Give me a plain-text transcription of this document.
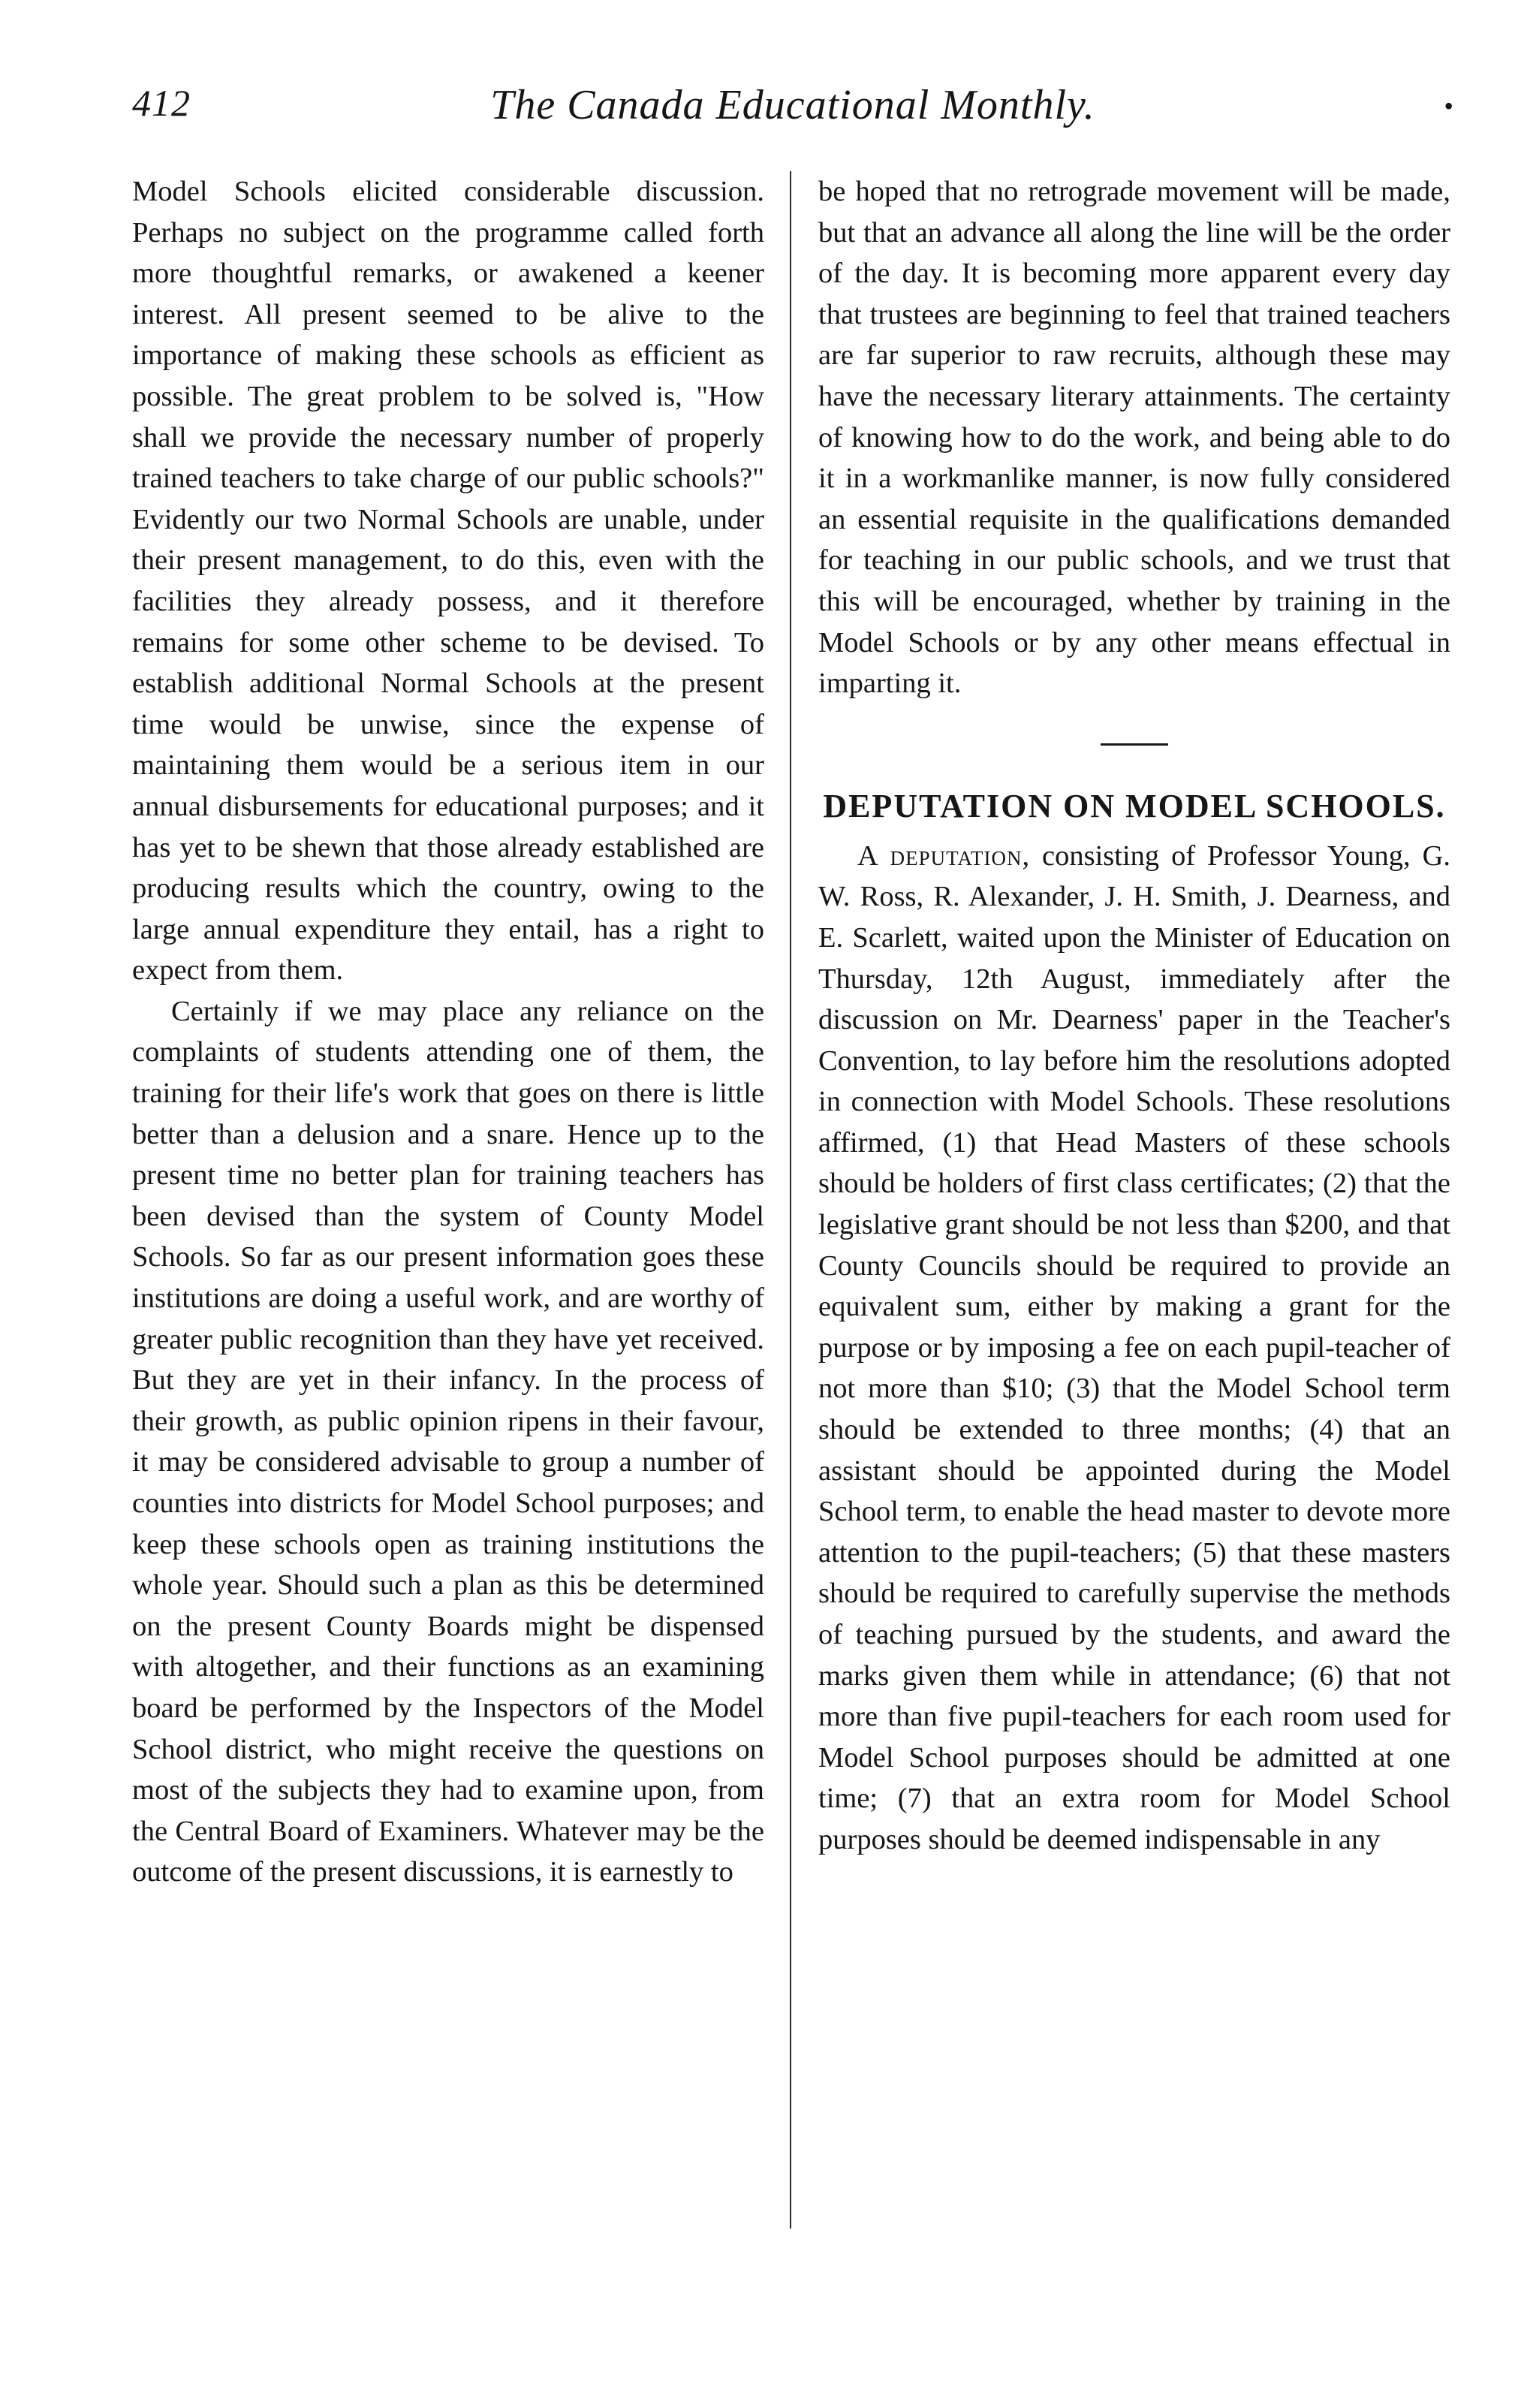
412	The Canada Educational Monthly.	•

Model Schools elicited considerable discussion. Perhaps no subject on the programme called forth more thoughtful remarks, or awakened a keener interest. All present seemed to be alive to the importance of making these schools as efficient as possible. The great problem to be solved is, "How shall we provide the necessary number of properly trained teachers to take charge of our public schools?" Evidently our two Normal Schools are unable, under their present management, to do this, even with the facilities they already possess, and it therefore remains for some other scheme to be devised. To establish additional Normal Schools at the present time would be unwise, since the expense of maintaining them would be a serious item in our annual disbursements for educational purposes; and it has yet to be shewn that those already established are producing results which the country, owing to the large annual expenditure they entail, has a right to expect from them.

Certainly if we may place any reliance on the complaints of students attending one of them, the training for their life's work that goes on there is little better than a delusion and a snare. Hence up to the present time no better plan for training teachers has been devised than the system of County Model Schools. So far as our present information goes these institutions are doing a useful work, and are worthy of greater public recognition than they have yet received. But they are yet in their infancy. In the process of their growth, as public opinion ripens in their favour, it may be considered advisable to group a number of counties into districts for Model School purposes; and keep these schools open as training institutions the whole year. Should such a plan as this be determined on the present County Boards might be dispensed with altogether, and their functions as an examining board be performed by the Inspectors of the Model School district, who might receive the questions on most of the subjects they had to examine upon, from the Central Board of Examiners. Whatever may be the outcome of the present discussions, it is earnestly to

be hoped that no retrograde movement will be made, but that an advance all along the line will be the order of the day. It is becoming more apparent every day that trustees are beginning to feel that trained teachers are far superior to raw recruits, although these may have the necessary literary attainments. The certainty of knowing how to do the work, and being able to do it in a workmanlike manner, is now fully considered an essential requisite in the qualifications demanded for teaching in our public schools, and we trust that this will be encouraged, whether by training in the Model Schools or by any other means effectual in imparting it.

DEPUTATION ON MODEL SCHOOLS.

A deputation, consisting of Professor Young, G. W. Ross, R. Alexander, J. H. Smith, J. Dearness, and E. Scarlett, waited upon the Minister of Education on Thursday, 12th August, immediately after the discussion on Mr. Dearness' paper in the Teacher's Convention, to lay before him the resolutions adopted in connection with Model Schools. These resolutions affirmed, (1) that Head Masters of these schools should be holders of first class certificates; (2) that the legislative grant should be not less than $200, and that County Councils should be required to provide an equivalent sum, either by making a grant for the purpose or by imposing a fee on each pupil-teacher of not more than $10; (3) that the Model School term should be extended to three months; (4) that an assistant should be appointed during the Model School term, to enable the head master to devote more attention to the pupil-teachers; (5) that these masters should be required to carefully supervise the methods of teaching pursued by the students, and award the marks given them while in attendance; (6) that not more than five pupil-teachers for each room used for Model School purposes should be admitted at one time; (7) that an extra room for Model School purposes should be deemed indispensable in any
